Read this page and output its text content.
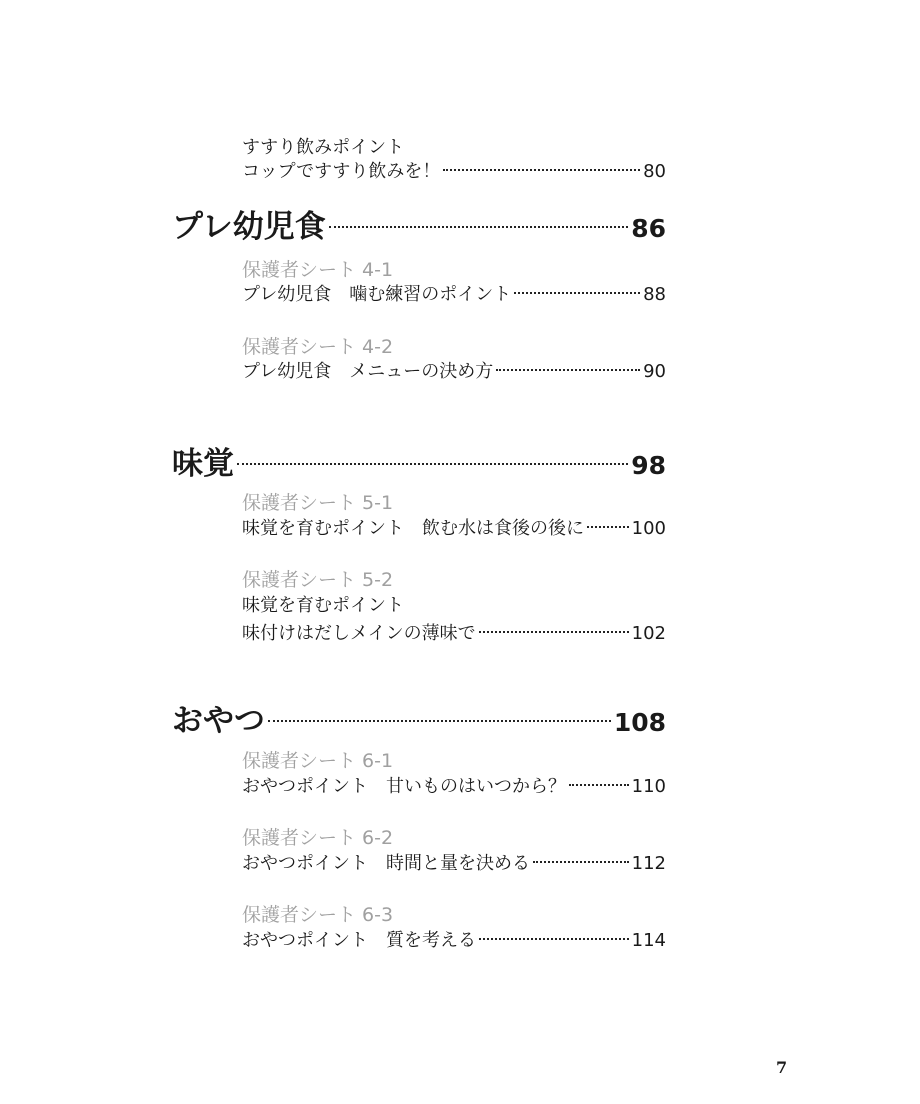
すすり飲みポイント
コップですすり飲みを！	80
プレ幼児食	86
保護者シート 4-1
プレ幼児食　噛む練習のポイント	88
保護者シート 4-2
プレ幼児食　メニューの決め方	90
味覚	98
保護者シート 5-1
味覚を育むポイント　飲む水は食後の後に	100
保護者シート 5-2
味覚を育むポイント
味付けはだしメインの薄味で	102
おやつ	108
保護者シート 6-1
おやつポイント　甘いものはいつから？	110
保護者シート 6-2
おやつポイント　時間と量を決める	112
保護者シート 6-3
おやつポイント　質を考える	114
7
